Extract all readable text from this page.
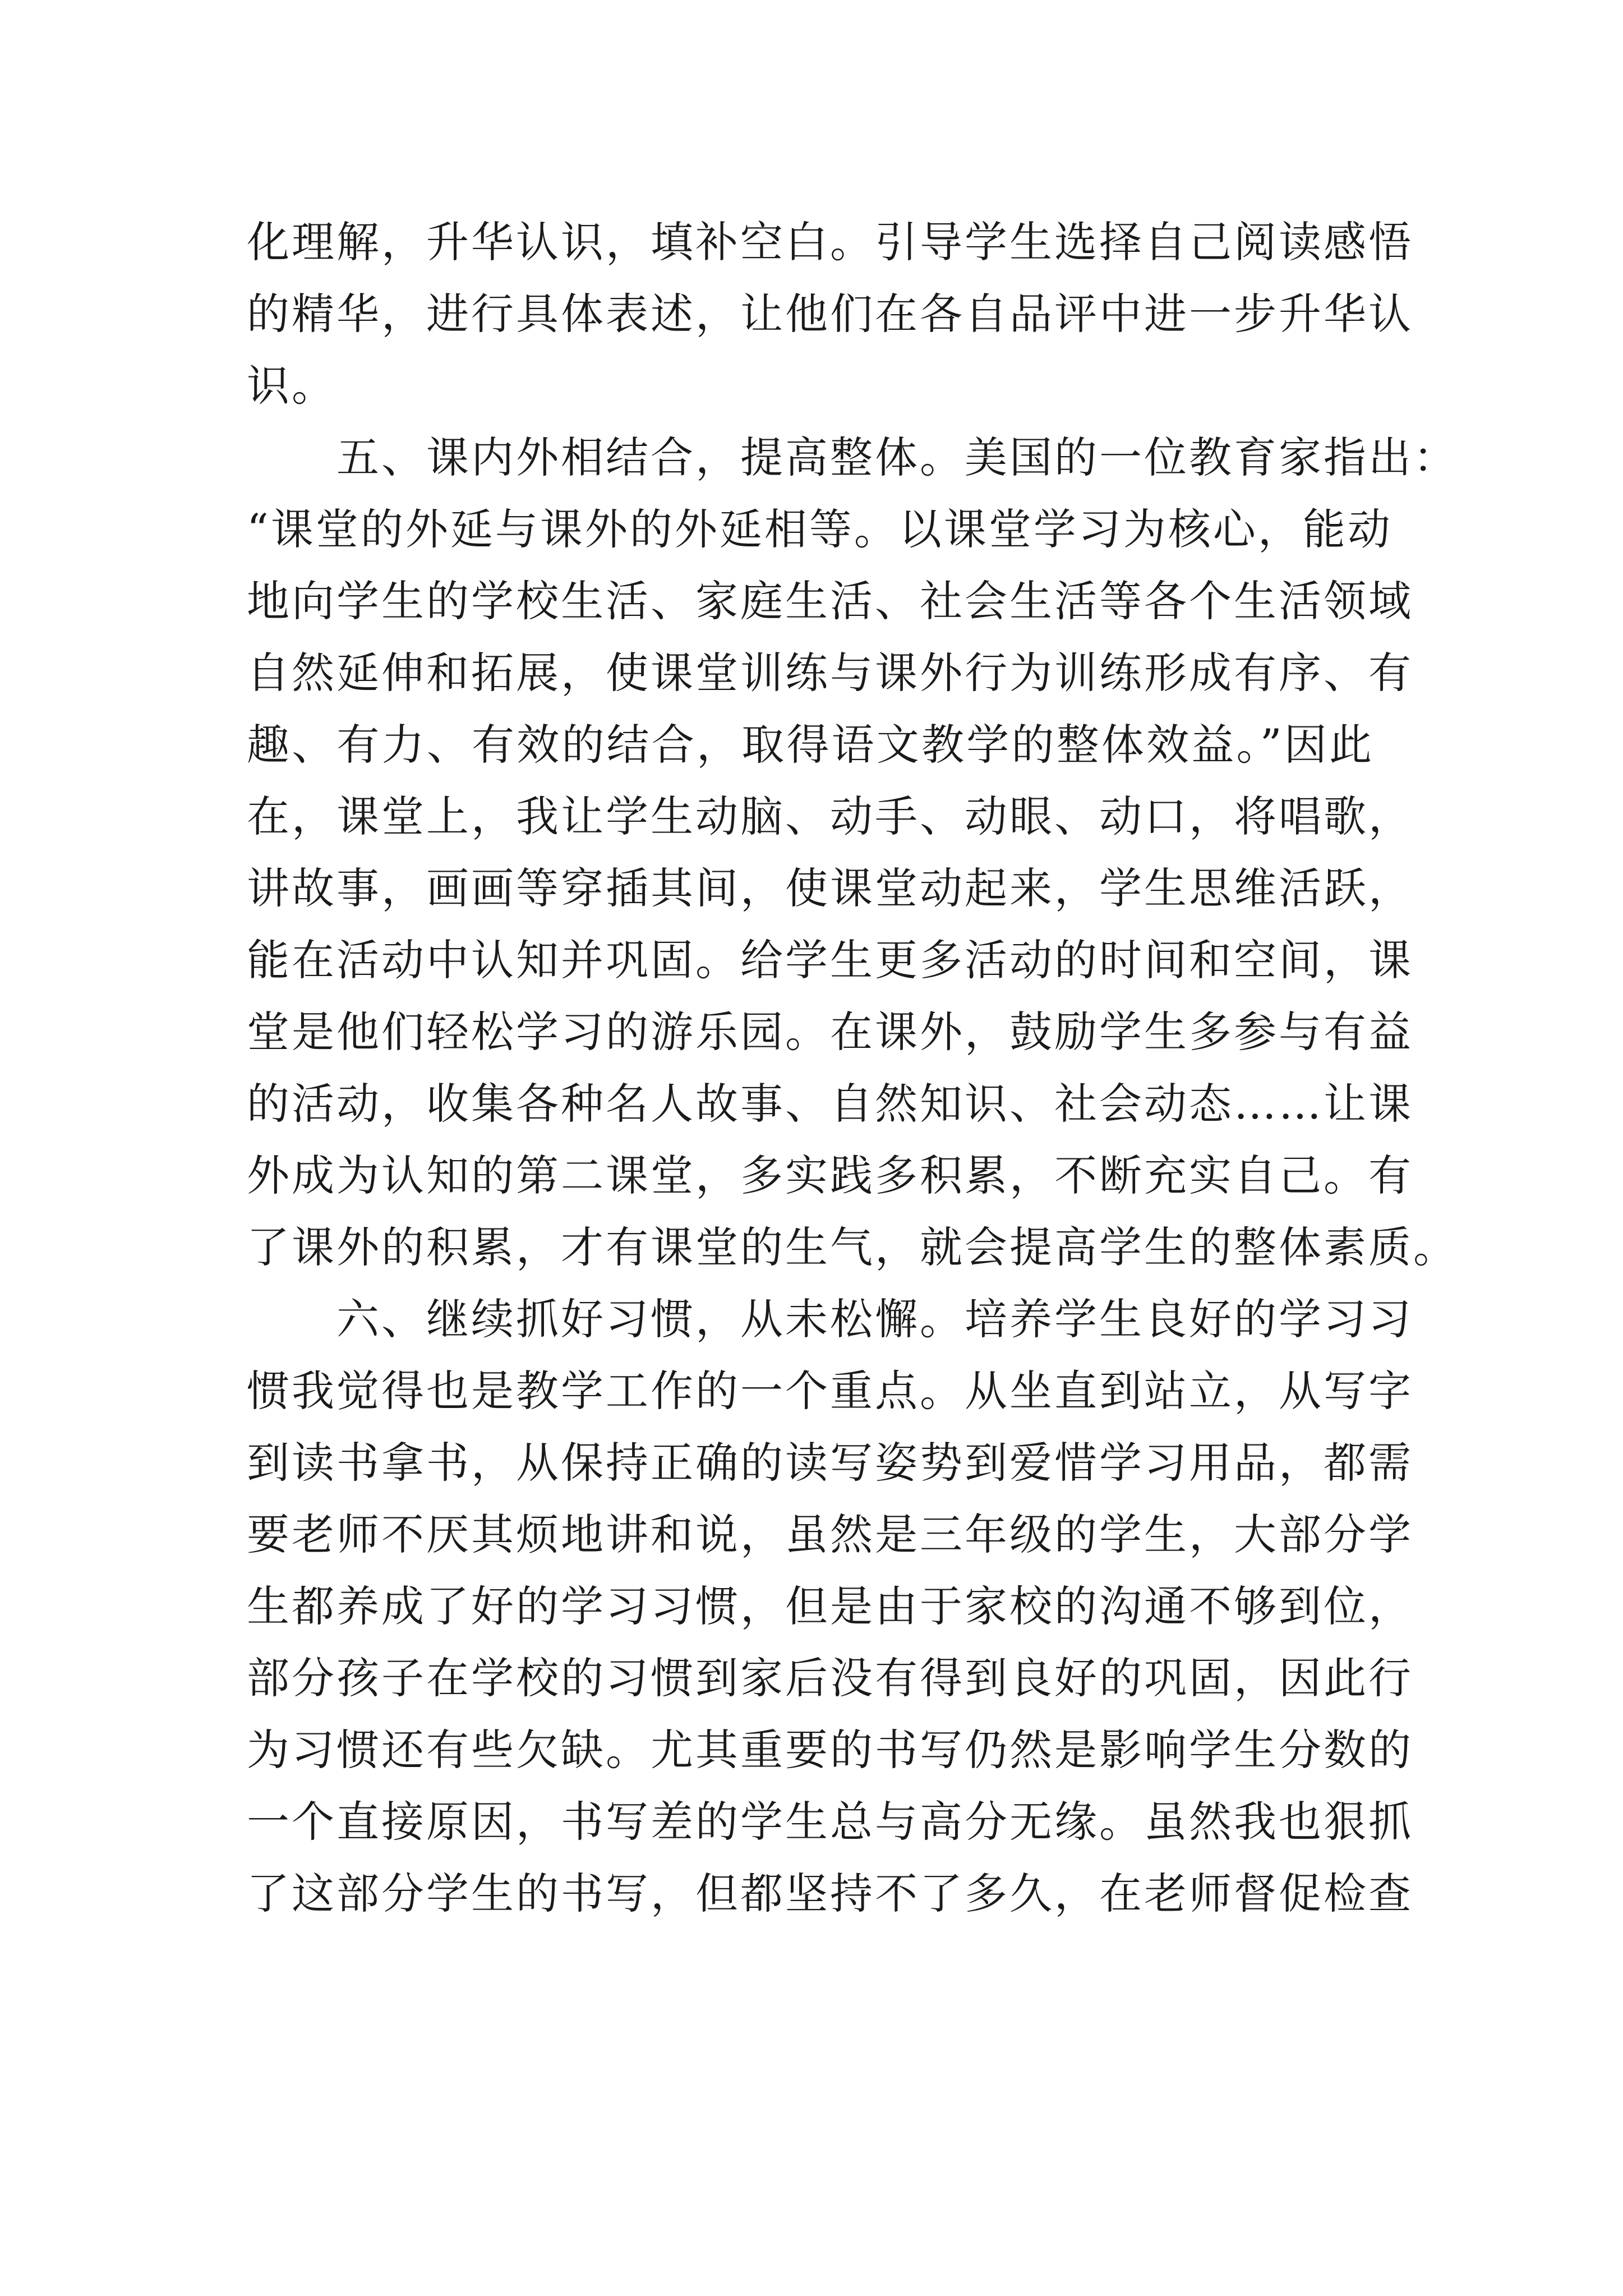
化理解，升华认识，填补空白。引导学生选择自己阅读感悟
的精华，进行具体表述，让他们在各自品评中进一步升华认
识。
五、课内外相结合，提高整体。美国的一位教育家指出：
“课堂的外延与课外的外延相等。以课堂学习为核心，能动
地向学生的学校生活、家庭生活、社会生活等各个生活领域
自然延伸和拓展，使课堂训练与课外行为训练形成有序、有
趣、有力、有效的结合，取得语文教学的整体效益。”因此
在，课堂上，我让学生动脑、动手、动眼、动口，将唱歌，
讲故事，画画等穿插其间，使课堂动起来，学生思维活跃，
能在活动中认知并巩固。给学生更多活动的时间和空间，课
堂是他们轻松学习的游乐园。在课外，鼓励学生多参与有益
的活动，收集各种名人故事、自然知识、社会动态……让课
外成为认知的第二课堂，多实践多积累，不断充实自己。有
了课外的积累，才有课堂的生气，就会提高学生的整体素质。
六、继续抓好习惯，从未松懈。培养学生良好的学习习
惯我觉得也是教学工作的一个重点。从坐直到站立，从写字
到读书拿书，从保持正确的读写姿势到爱惜学习用品，都需
要老师不厌其烦地讲和说，虽然是三年级的学生，大部分学
生都养成了好的学习习惯，但是由于家校的沟通不够到位，
部分孩子在学校的习惯到家后没有得到良好的巩固，因此行
为习惯还有些欠缺。尤其重要的书写仍然是影响学生分数的
一个直接原因，书写差的学生总与高分无缘。虽然我也狠抓
了这部分学生的书写，但都坚持不了多久，在老师督促检查
